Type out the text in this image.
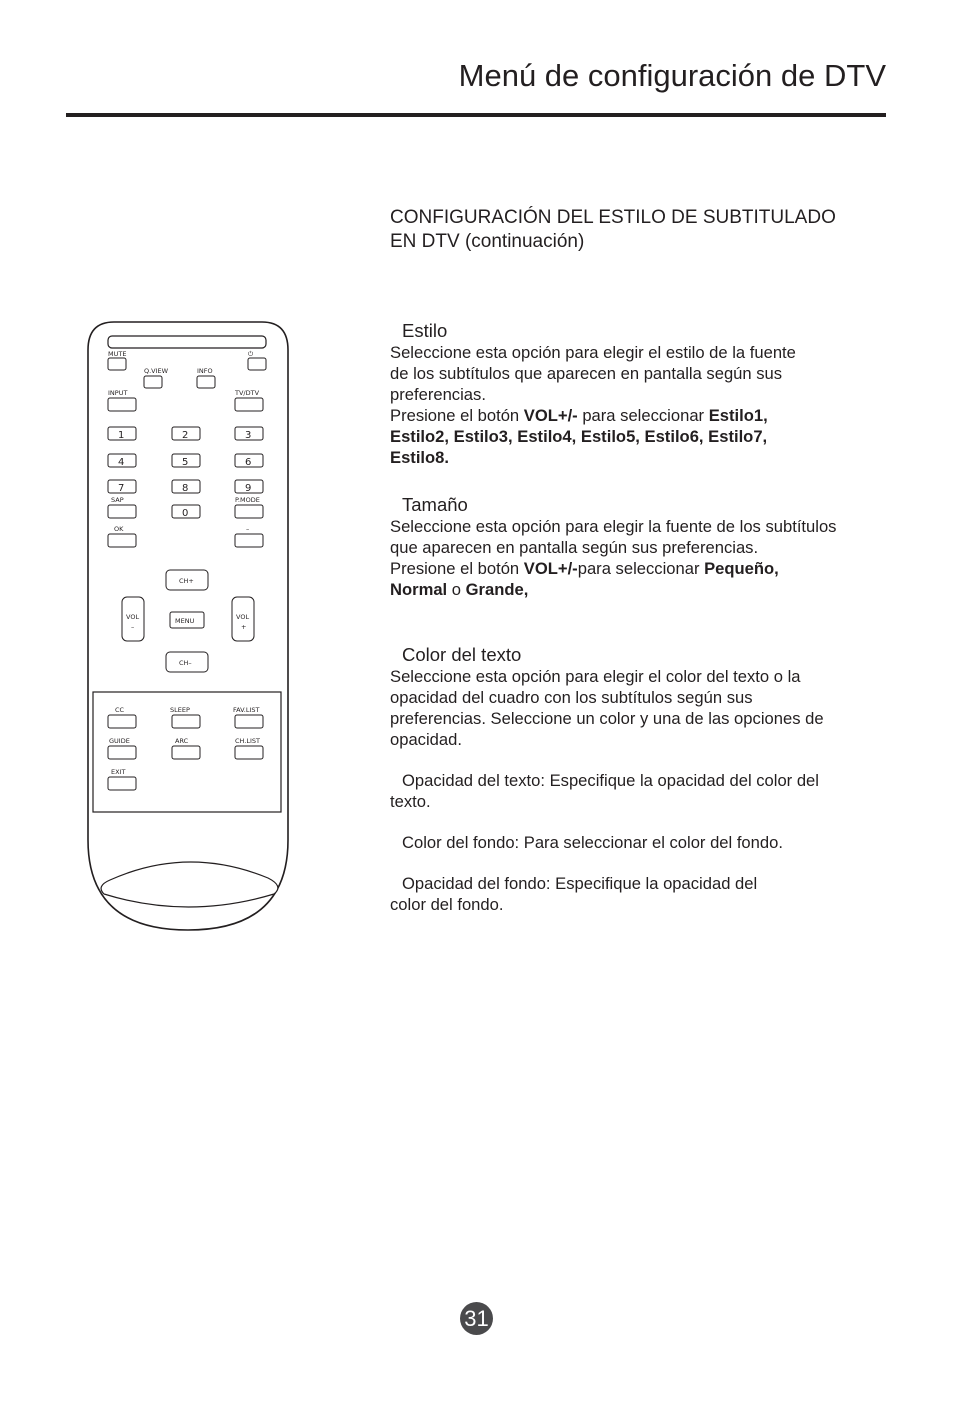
Menú de configuración de DTV
MUTE	⏻
Q.VIEW	INFO
INPUT	TV/DTV
1	2	3
4	5	6
7	8	9
SAP
0
P.MODE
OK	–
CH+
CH–
VOL
–
VOL
+
MENU
CC	SLEEP	FAV.LIST
GUIDE	ARC	CH.LIST
EXIT
CONFIGURACIÓN DEL ESTILO DE SUBTITULADO
EN DTV (continuación)
Estilo

Seleccione esta opción para elegir el estilo de la fuente
de los subtítulos que aparecen en pantalla según sus
preferencias.
Presione el botón VOL+/- para seleccionar Estilo1,
Estilo2, Estilo3, Estilo4, Estilo5, Estilo6, Estilo7,
Estilo8.

Tamaño

Seleccione esta opción para elegir la fuente de los subtítulos
que aparecen en pantalla según sus preferencias.
Presione el botón VOL+/-para seleccionar Pequeño,
Normal o Grande,

Color del texto

Seleccione esta opción para elegir el color del texto o la
opacidad del cuadro con los subtítulos según sus
preferencias. Seleccione un color y una de las opciones de
opacidad.

Opacidad del texto: Especifique la opacidad del color del
texto.

Color del fondo: Para seleccionar el color del fondo.

Opacidad del fondo: Especifique la opacidad del
color del fondo.

31
